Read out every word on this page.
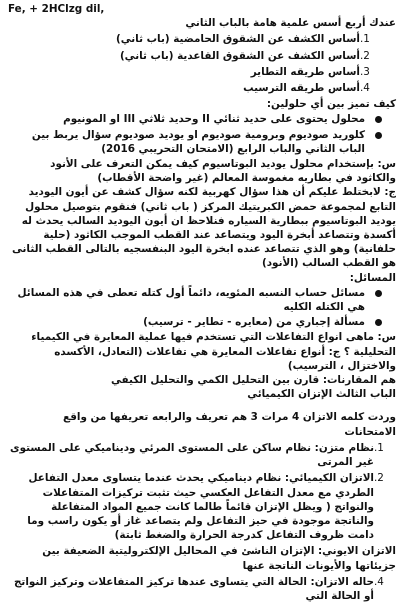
Fe, + 2HClzg dil,

عندك أربع أسس علمية هامة بالباب الثاني

.1
أساس الكشف عن الشقوق الحامضية (باب ثاني)
.2
أساس الكشف عن الشقوق القاعدية (باب ثاني)
.3
أساس طريقه التطاير
.4
أساس طريقه الترسيب

كيف تميز بين أي حلولين:

محلول يحتوى على حديد ثنائي II وحديد ثلاثي III او المونيوم
كلوريد صوديوم وبرومية صوديوم او يوديد صوديوم سؤال يربط بين الباب الثاني والباب الرابع (الامتحان التحريبي 2016)

س: بإستخدام محلول يوديد البوتاسيوم كيف يمكن التعرف على الأنود والكاثود في بطاريه مغموسة المعالم (غير واضحة الأقطاب)

ج: لابختلط عليكم أن هذا سؤال كهربية لكنه سؤال كشف عن أيون اليوديد التابع لمجموعة حمض الكبريتيك المركز ( باب ثاني) فنقوم بتوصيل محلول يوديد البوتاسيوم ببطارية السياره فنلاحظ ان أيون اليوديد السالب يحدث له أكسدة وتتصاعد أبخرة اليود ويتصاعد عند القطب الموجب الكاثود (حلية حلفانية) وهو الذي تتصاعد عنده ابخرة اليود البنفسجيه بالتالى القطب الثانى هو القطب السالب (الأنود)

المسائل:

مسائل حساب النسبه المئويه، دائماً أول كتله تعطى في هذه المسائل هي الكتله الكليه
مسألة إجباري من (معايره - تطاير - ترسيب)

س: ماهى انواع التفاعلات التي تستخدم فيها عملية المعايرة في الكيمياء التحليلية ؟ ج: أنواع تفاعلات المعايرة هي تفاعلات (التعادل، الأكسده والاختزال ، الترسيب)

هم المقارنات: قارن بين التحليل الكمي والتحليل الكيفي

الباب الثالث الإتزان الكيميائي

وردت كلمه الاتزان 4 مرات 3 هم تعريف والرابعه تعريفها من واقع الامتحانات

.1
نظام متزن: نظام ساكن على المستوى المرئي وديناميكي على المستوى غير المرتى
.2
الاتزان الكيميائي: نظام ديناميكي يحدث عندما يتساوى معدل التفاعل الطردي مع معدل التفاعل العكسي حيث تثبت تركيزات المتفاعلات والنواتج ( ويظل الإتزان قائماً طالما كانت جميع المواد المتفاعلة والناتجة موجودة في حيز التفاعل ولم يتصاعد غاز أو يكون راسب وما دامت ظروف التفاعل كدرجة الحرارة والضغط ثابتة)

الاتزان الايوني: الإتزان الناشئ في المحاليل الإلكتروليتية الضعيفة بين جزيئاتها والأيونات الناتجة عنها

.4
حاله الاتزان: الحالة التي يتساوى عندها تركيز المتفاعلات وتركيز النواتج أو الحالة التي
